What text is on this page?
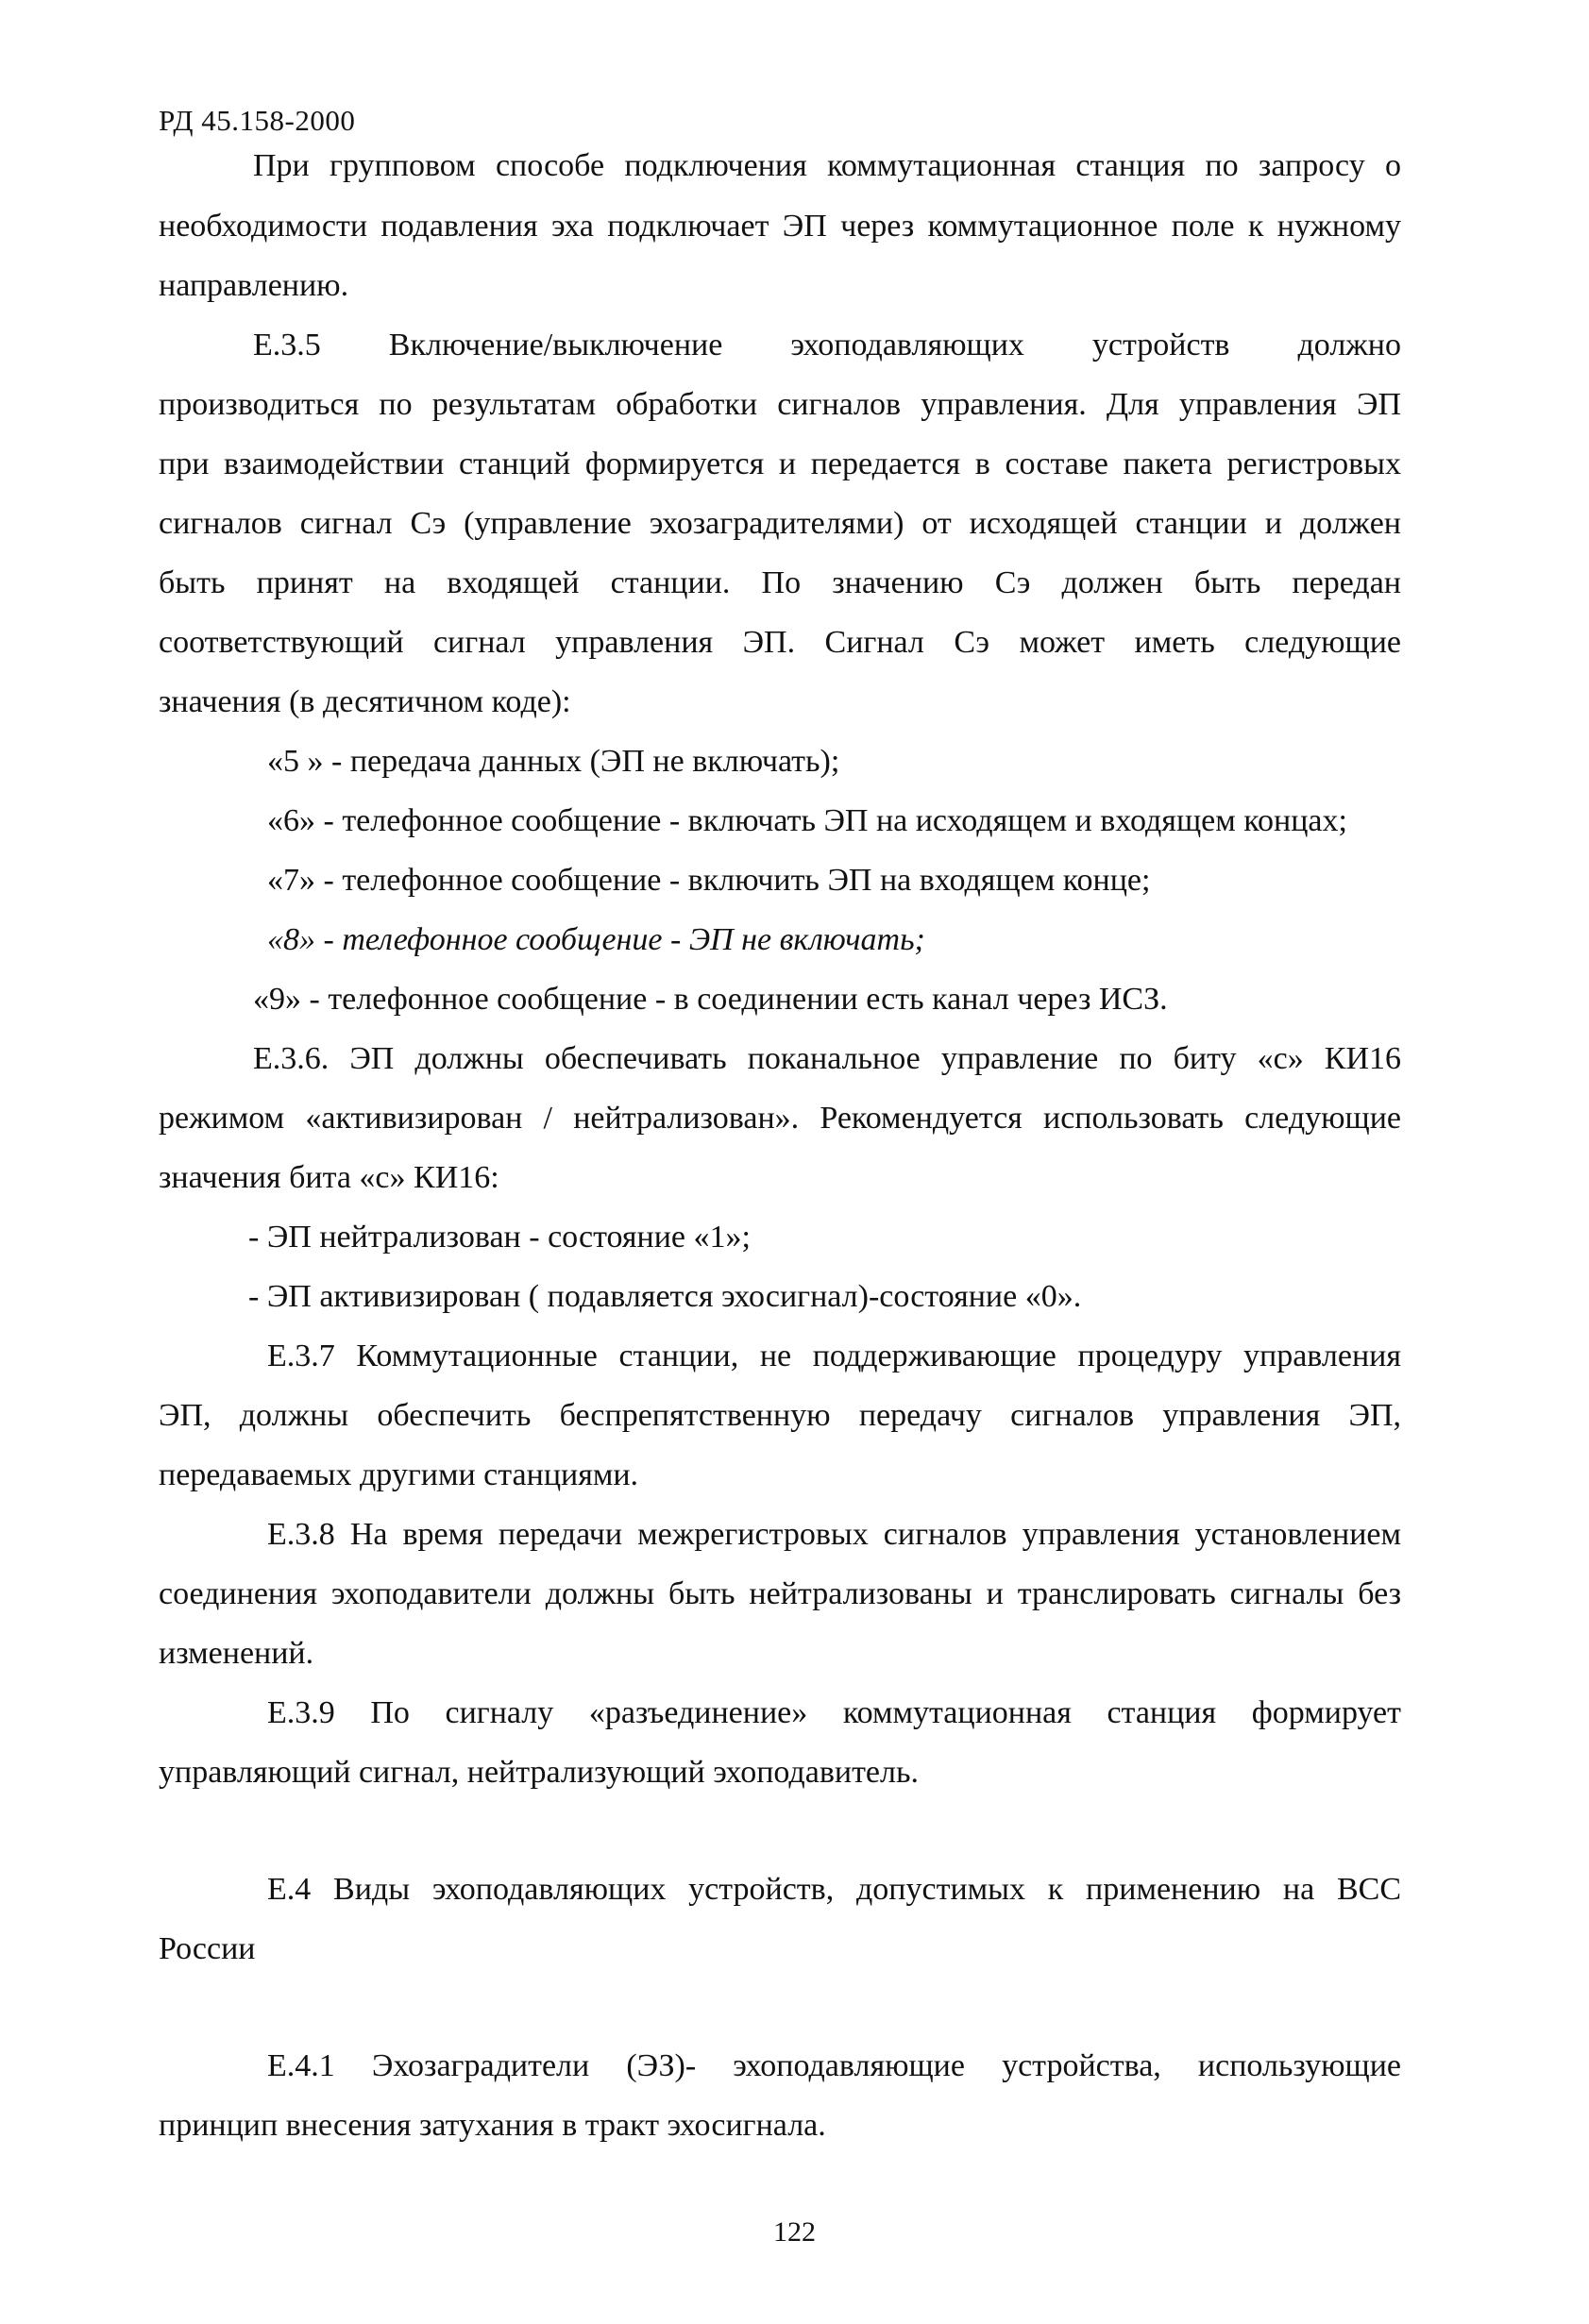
РД 45.158-2000
При групповом способе подключения коммутационная станция по запросу о
необходимости подавления эха подключает ЭП через коммутационное поле к нужному
направлению.
Е.3.5 Включение/выключение эхоподавляющих устройств должно
производиться по результатам обработки сигналов управления. Для управления ЭП
при взаимодействии станций формируется и передается в составе пакета регистровых
сигналов сигнал Сэ (управление эхозаградителями) от исходящей станции и должен
быть принят на входящей станции. По значению Сэ должен быть передан
соответствующий сигнал управления ЭП. Сигнал Сэ может иметь следующие
значения (в десятичном коде):
«5 » - передача данных (ЭП не включать);
«6» - телефонное сообщение - включать ЭП на исходящем и входящем концах;
«7» - телефонное сообщение - включить ЭП на входящем конце;
«8» - телефонное сообщение - ЭП не включать;
«9» - телефонное сообщение - в соединении есть канал через ИСЗ.
Е.3.6. ЭП должны обеспечивать поканальное управление по биту «с» КИ16
режимом «активизирован / нейтрализован». Рекомендуется использовать следующие
значения бита «с» КИ16:
- ЭП нейтрализован - состояние «1»;
- ЭП активизирован ( подавляется эхосигнал)-состояние «0».
Е.3.7 Коммутационные станции, не поддерживающие процедуру управления
ЭП, должны обеспечить беспрепятственную передачу сигналов управления ЭП,
передаваемых другими станциями.
Е.3.8 На время передачи межрегистровых сигналов управления установлением
соединения эхоподавители должны быть нейтрализованы и транслировать сигналы без
изменений.
Е.3.9 По сигналу «разъединение» коммутационная станция формирует
управляющий сигнал, нейтрализующий эхоподавитель.
Е.4 Виды эхоподавляющих устройств, допустимых к применению на ВСС
России
Е.4.1 Эхозаградители (ЭЗ)- эхоподавляющие устройства, использующие
принцип внесения затухания в тракт эхосигнала.
122
